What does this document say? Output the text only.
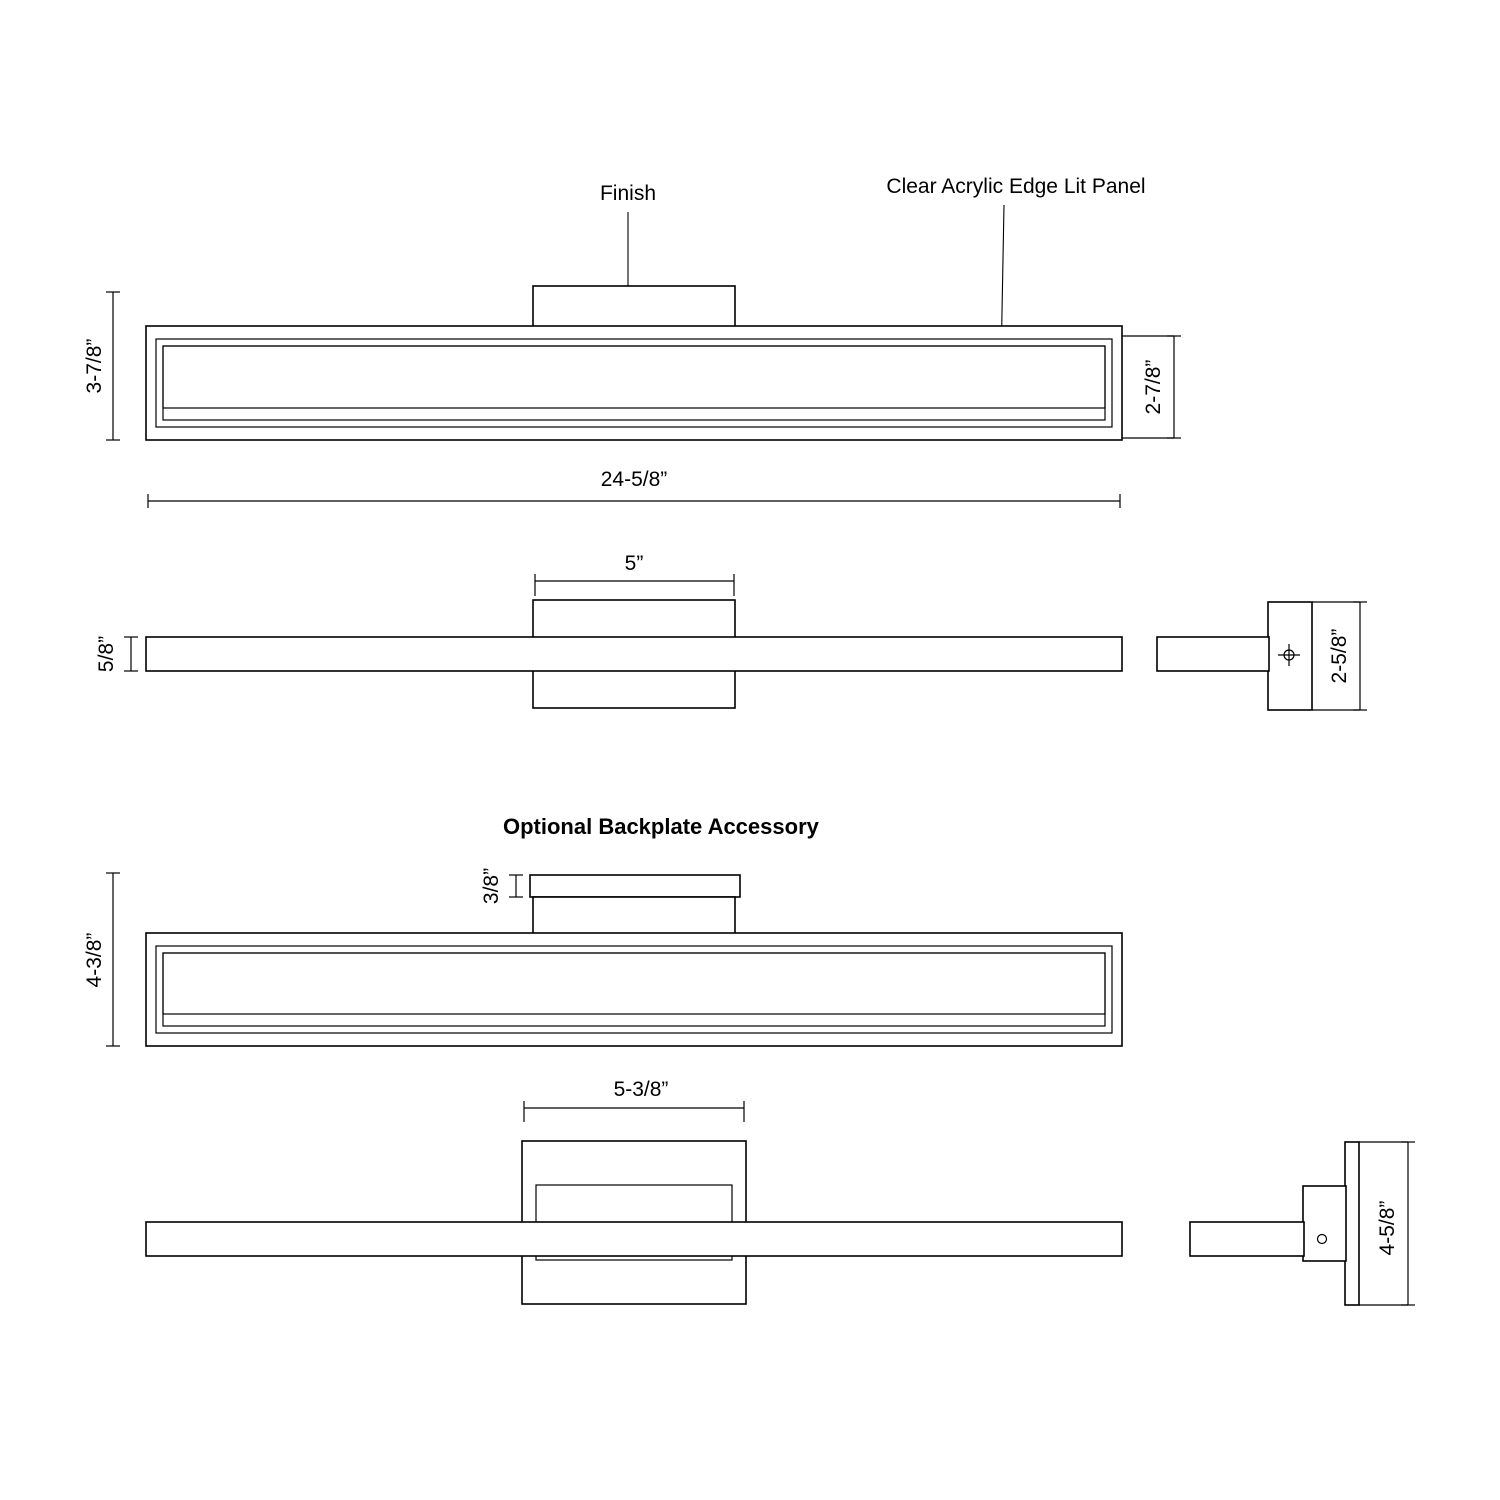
Finish	Clear Acrylic Edge Lit Panel
3-7/8”	2-7/8”
24-5/8”
5”
5/8”	2-5/8”
Optional Backplate Accessory
3/8”
4-3/8”
5-3/8”
4-5/8”
